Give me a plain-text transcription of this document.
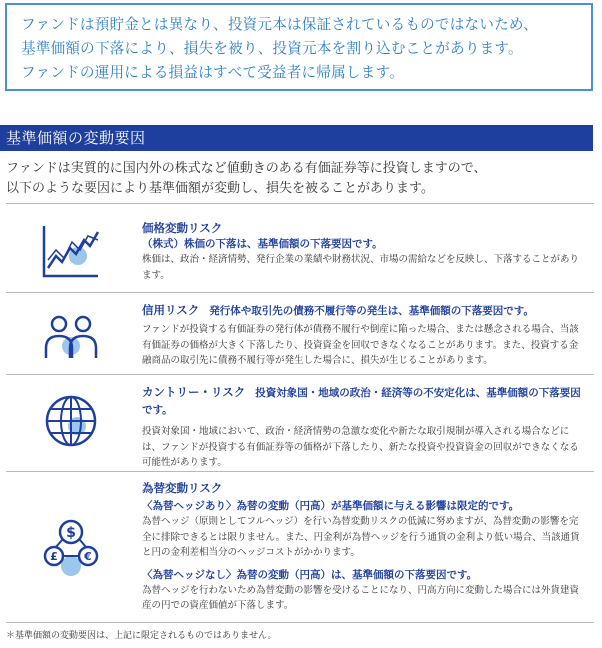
ファンドは預貯金とは異なり、投資元本は保証されているものではないため、

基準価額の下落により、損失を被り、投資元本を割り込むことがあります。

ファンドの運用による損益はすべて受益者に帰属します。

基準価額の変動要因

ファンドは実質的に国内外の株式など値動きのある有価証券等に投資しますので、

以下のような要因により基準価額が変動し、損失を被ることがあります。

価格変動リスク
（株式）株価の下落は、基準価額の下落要因です。
株価は、政治・経済情勢、発行企業の業績や財務状況、市場の需給などを反映し、下落することがあります。
信用リスク 発行体や取引先の債務不履行等の発生は、基準価額の下落要因です。
ファンドが投資する有価証券の発行体が債務不履行や倒産に陥った場合、または懸念される場合、当該有価証券の価格が大きく下落したり、投資資金を回収できなくなることがあります。また、投資する金融商品の取引先に債務不履行等が発生した場合に、損失が生じることがあります。
カントリー・リスク 投資対象国・地域の政治・経済等の不安定化は、基準価額の下落要因です。
投資対象国・地域において、政治・経済情勢の急激な変化や新たな取引規制が導入される場合などには、ファンドが投資する有価証券等の価格が下落したり、新たな投資や投資資金の回収ができなくなる可能性があります。
$
£ €
為替変動リスク
〈為替ヘッジあり〉為替の変動（円高）が基準価額に与える影響は限定的です。
為替ヘッジ（原則としてフルヘッジ）を行い為替変動リスクの低減に努めますが、為替変動の影響を完全に排除できるとは限りません。また、円金利が為替ヘッジを行う通貨の金利より低い場合、当該通貨と円の金利差相当分のヘッジコストがかかります。
〈為替ヘッジなし〉為替の変動（円高）は、基準価額の下落要因です。
為替ヘッジを行わないため為替変動の影響を受けることになり、円高方向に変動した場合には外貨建資産の円での資産価値が下落します。
＊基準価額の変動要因は、上記に限定されるものではありません。
